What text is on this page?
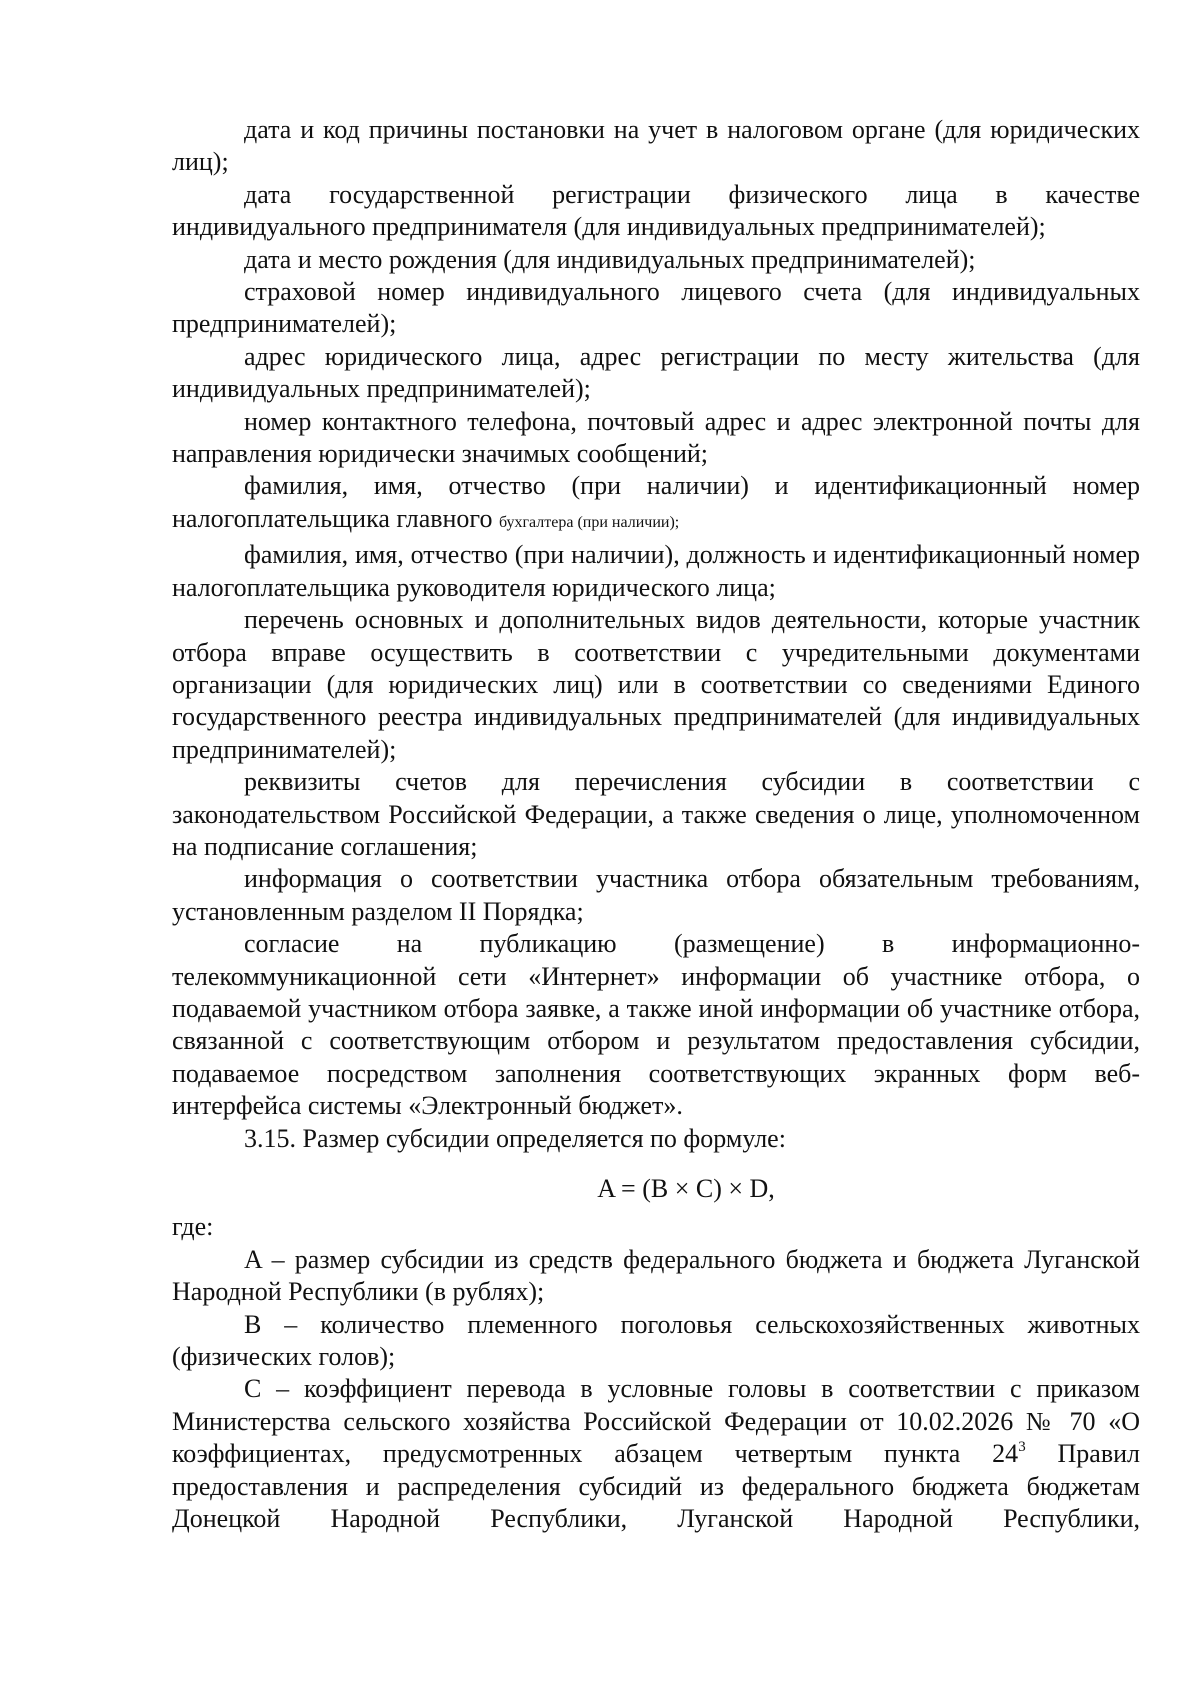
дата и код причины постановки на учет в налоговом органе (для юридических лиц);

дата государственной регистрации физического лица в качестве индивидуального предпринимателя (для индивидуальных предпринимателей);

дата и место рождения (для индивидуальных предпринимателей);

страховой номер индивидуального лицевого счета (для индивидуальных предпринимателей);

адрес юридического лица, адрес регистрации по месту жительства (для индивидуальных предпринимателей);

номер контактного телефона, почтовый адрес и адрес электронной почты для направления юридически значимых сообщений;

фамилия, имя, отчество (при наличии) и идентификационный номер налогоплательщика главного бухгалтера (при наличии);

фамилия, имя, отчество (при наличии), должность и идентификационный номер налогоплательщика руководителя юридического лица;

перечень основных и дополнительных видов деятельности, которые участник отбора вправе осуществить в соответствии с учредительными документами организации (для юридических лиц) или в соответствии со сведениями Единого государственного реестра индивидуальных предпринимателей (для индивидуальных предпринимателей);

реквизиты счетов для перечисления субсидии в соответствии с законодательством Российской Федерации, а также сведения о лице, уполномоченном на подписание соглашения;

информация о соответствии участника отбора обязательным требованиям, установленным разделом II Порядка;

согласие на публикацию (размещение) в информационно-телекоммуникационной сети «Интернет» информации об участнике отбора, о подаваемой участником отбора заявке, а также иной информации об участнике отбора, связанной с соответствующим отбором и результатом предоставления субсидии, подаваемое посредством заполнения соответствующих экранных форм веб-интерфейса системы «Электронный бюджет».

3.15. Размер субсидии определяется по формуле:

A = (B × C) × D,

где:

A – размер субсидии из средств федерального бюджета и бюджета Луганской Народной Республики (в рублях);

B – количество племенного поголовья сельскохозяйственных животных (физических голов);

C – коэффициент перевода в условные головы в соответствии с приказом Министерства сельского хозяйства Российской Федерации от 10.02.2026 № 70 «О коэффициентах, предусмотренных абзацем четвертым пункта $24^3$ Правил предоставления и распределения субсидий из федерального бюджета бюджетам Донецкой Народной Республики, Луганской Народной Республики,
